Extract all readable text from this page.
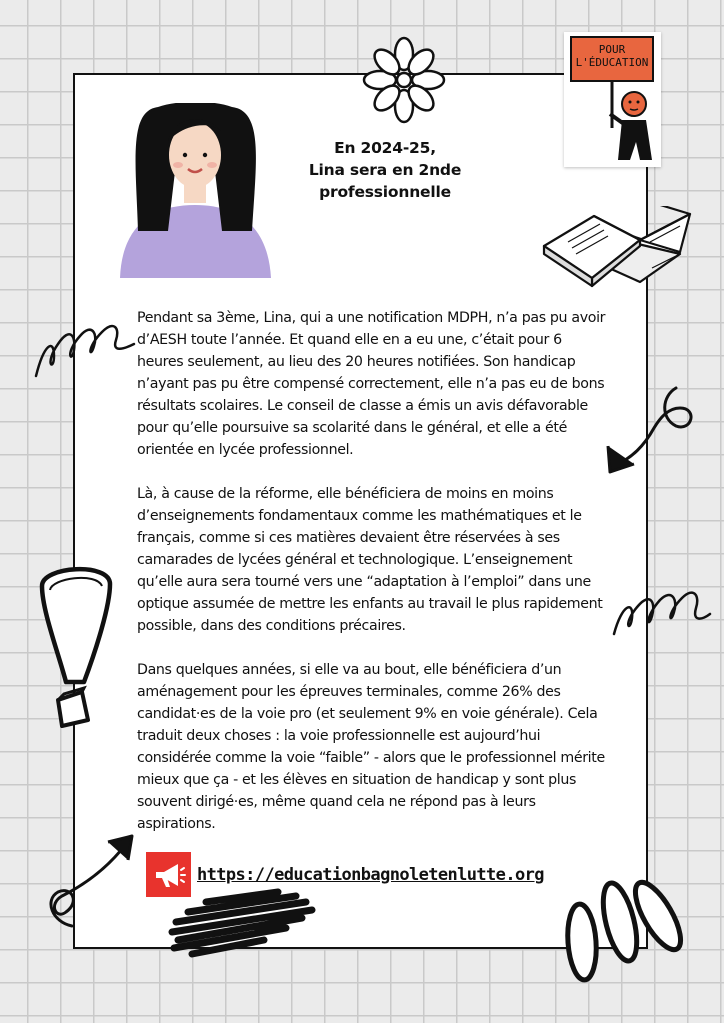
POUR
L'ÉDUCATION
En 2024-25,
Lina sera en 2nde
professionnelle

Pendant sa 3ème, Lina, qui a une notification MDPH, n’a pas pu avoir d’AESH toute l’année. Et quand elle en a eu une, c’était pour 6 heures seulement, au lieu des 20 heures notifiées. Son handicap n’ayant pas pu être compensé correctement, elle n’a pas eu de bons résultats scolaires. Le conseil de classe a émis un avis défavorable pour qu’elle poursuive sa scolarité dans le général, et elle a été orientée en lycée professionnel.

Là, à cause de la réforme, elle bénéficiera de moins en moins d’enseignements fondamentaux comme les mathématiques et le français, comme si ces matières devaient être réservées à ses camarades de lycées général et technologique. L’enseignement qu’elle aura sera tourné vers une “adaptation à l’emploi” dans une optique assumée de mettre les enfants au travail le plus rapidement possible, dans des conditions précaires.

Dans quelques années, si elle va au bout, elle bénéficiera d’un aménagement pour les épreuves terminales, comme 26% des candidat·es de la voie pro (et seulement 9% en voie générale). Cela traduit deux choses : la voie professionnelle est aujourd’hui considérée comme la voie “faible” - alors que le professionnel mérite mieux que ça - et les élèves en situation de handicap y sont plus souvent dirigé·es, même quand cela ne répond pas à leurs aspirations.

https://educationbagnoletenlutte.org
